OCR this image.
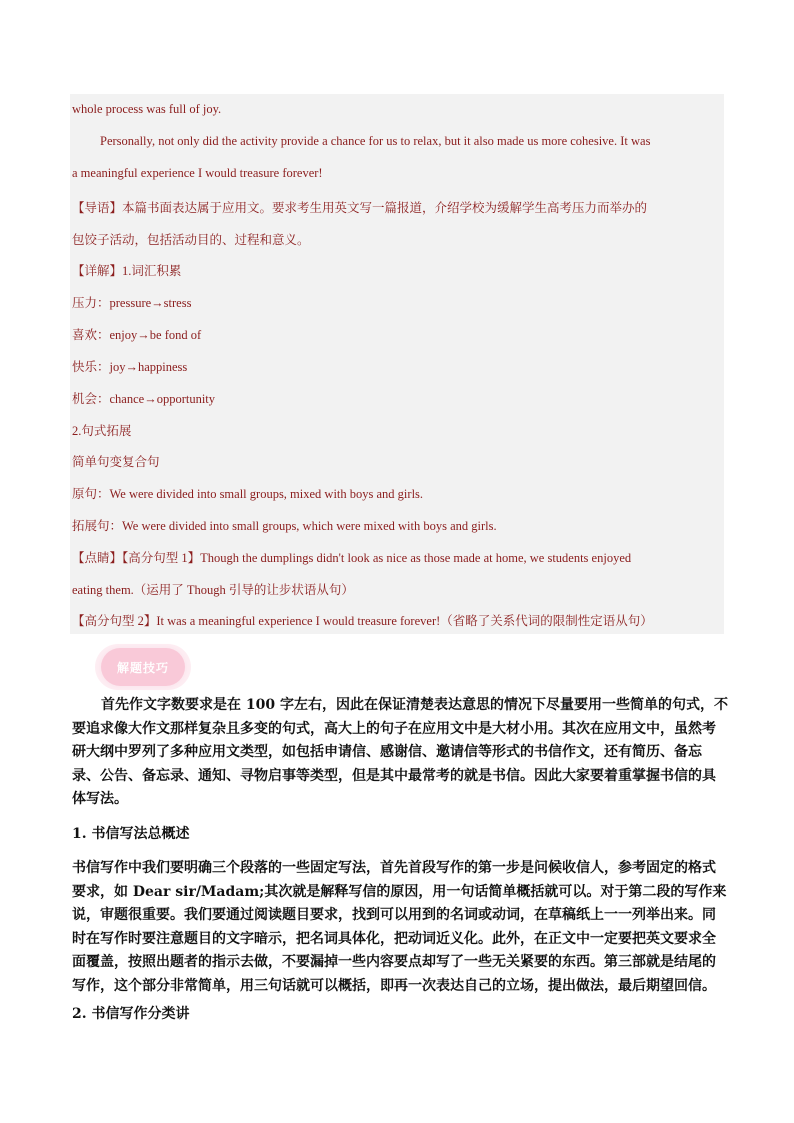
whole process was full of joy.
Personally, not only did the activity provide a chance for us to relax, but it also made us more cohesive. It was
a meaningful experience I would treasure forever!
【导语】本篇书面表达属于应用文。要求考生用英文写一篇报道，介绍学校为缓解学生高考压力而举办的
包饺子活动，包括活动目的、过程和意义。
【详解】1.词汇积累
压力：pressure→stress
喜欢：enjoy→be fond of
快乐：joy→happiness
机会：chance→opportunity
2.句式拓展
简单句变复合句
原句：We were divided into small groups, mixed with boys and girls.
拓展句：We were divided into small groups, which were mixed with boys and girls.
【点睛】【高分句型 1】Though the dumplings didn't look as nice as those made at home, we students enjoyed
eating them.（运用了 Though 引导的让步状语从句）
【高分句型 2】It was a meaningful experience I would treasure forever!（省略了关系代词的限制性定语从句）
解题技巧
首先作文字数要求是在 100 字左右，因此在保证清楚表达意思的情况下尽量要用一些简单的句式，不要追求像大作文那样复杂且多变的句式，高大上的句子在应用文中是大材小用。其次在应用文中，虽然考研大纲中罗列了多种应用文类型，如包括申请信、感谢信、邀请信等形式的书信作文，还有简历、备忘录、公告、备忘录、通知、寻物启事等类型，但是其中最常考的就是书信。因此大家要着重掌握书信的具体写法。
1. 书信写法总概述
书信写作中我们要明确三个段落的一些固定写法，首先首段写作的第一步是问候收信人，参考固定的格式要求，如 Dear sir/Madam;其次就是解释写信的原因，用一句话简单概括就可以。对于第二段的写作来说，审题很重要。我们要通过阅读题目要求，找到可以用到的名词或动词，在草稿纸上一一列举出来。同时在写作时要注意题目的文字暗示，把名词具体化，把动词近义化。此外，在正文中一定要把英文要求全面覆盖，按照出题者的指示去做，不要漏掉一些内容要点却写了一些无关紧要的东西。第三部就是结尾的写作，这个部分非常简单，用三句话就可以概括，即再一次表达自己的立场，提出做法，最后期望回信。
2. 书信写作分类讲
